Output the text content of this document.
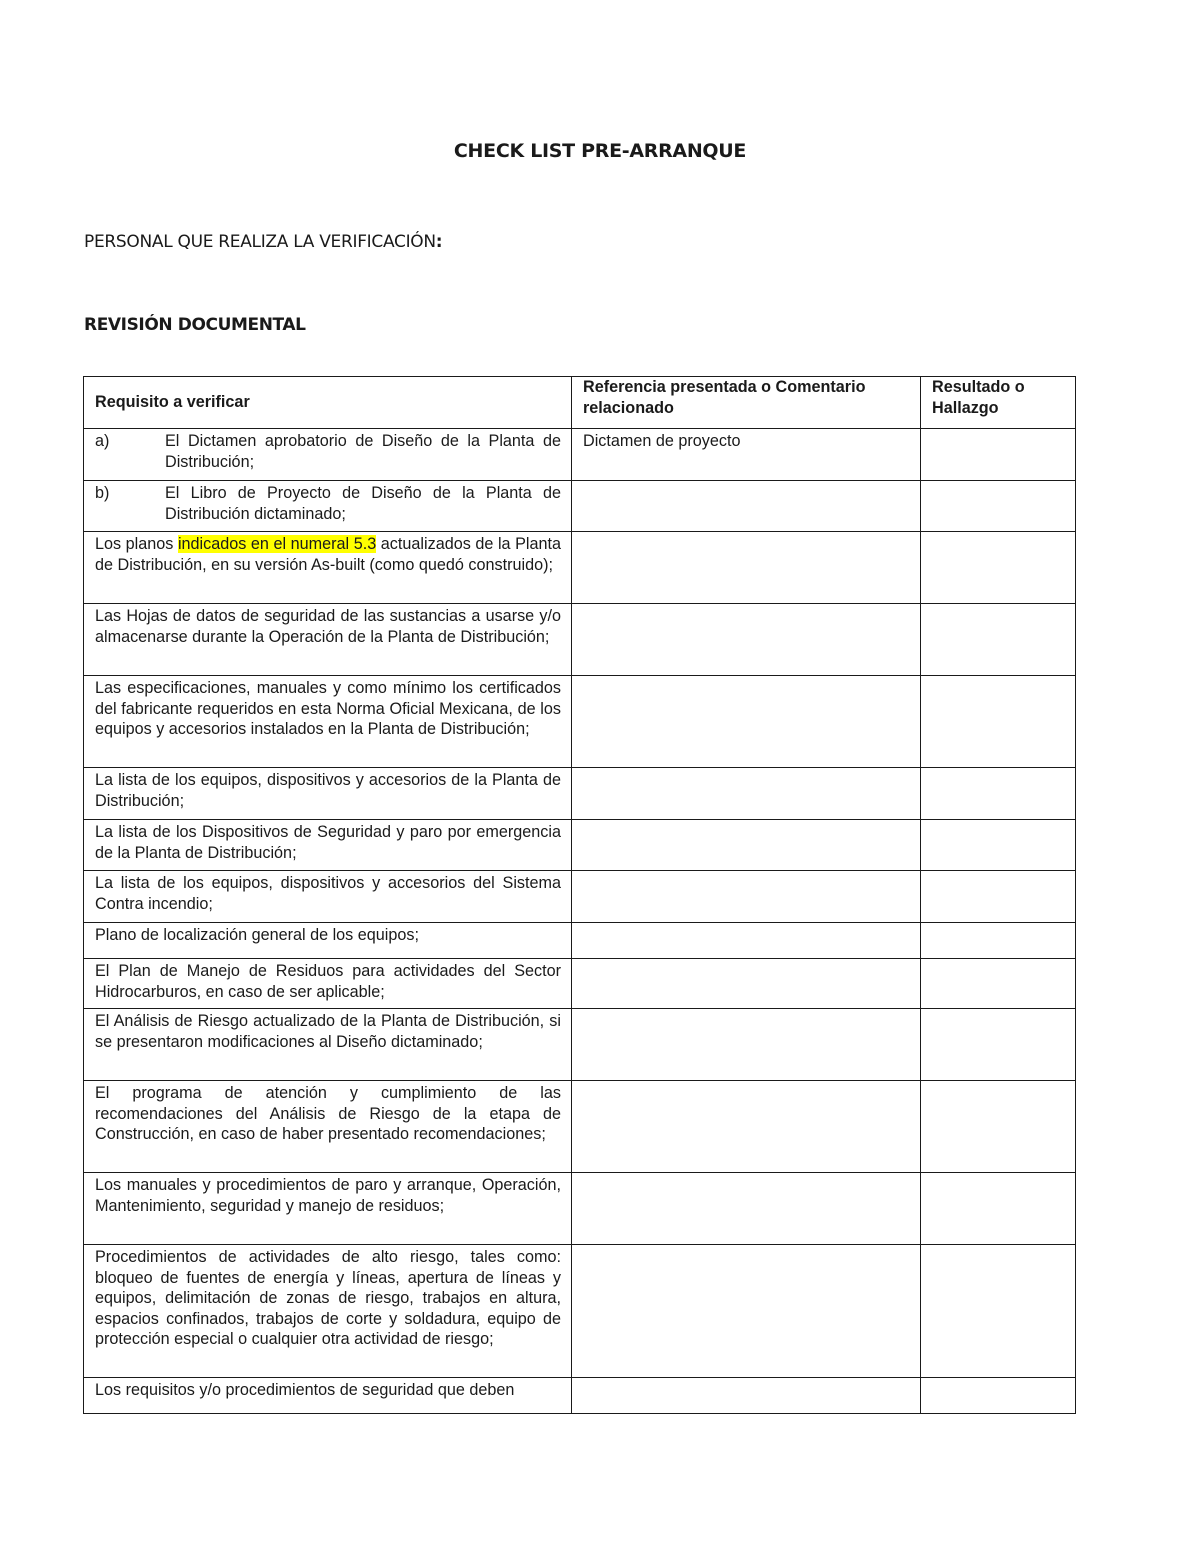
CHECK LIST PRE-ARRANQUE
PERSONAL QUE REALIZA LA VERIFICACIÓN:
REVISIÓN DOCUMENTAL
Requisito a verificar	Referencia presentada o Comentario relacionado	Resultado o Hallazgo

a) El Dictamen aprobatorio de Diseño de la Planta de Distribución;	Dictamen de proyecto	

b) El Libro de Proyecto de Diseño de la Planta de Distribución dictaminado;		

Los planos indicados en el numeral 5.3 actualizados de la Planta de Distribución, en su versión As-built (como quedó construido);		
Las Hojas de datos de seguridad de las sustancias a usarse y/o almacenarse durante la Operación de la Planta de Distribución;		
Las especificaciones, manuales y como mínimo los certificados del fabricante requeridos en esta Norma Oficial Mexicana, de los equipos y accesorios instalados en la Planta de Distribución;		
La lista de los equipos, dispositivos y accesorios de la Planta de Distribución;		
La lista de los Dispositivos de Seguridad y paro por emergencia de la Planta de Distribución;		
La lista de los equipos, dispositivos y accesorios del Sistema Contra incendio;		
Plano de localización general de los equipos;		
El Plan de Manejo de Residuos para actividades del Sector Hidrocarburos, en caso de ser aplicable;		
El Análisis de Riesgo actualizado de la Planta de Distribución, si se presentaron modificaciones al Diseño dictaminado;		
El programa de atención y cumplimiento de las recomendaciones del Análisis de Riesgo de la etapa de Construcción, en caso de haber presentado recomendaciones;		
Los manuales y procedimientos de paro y arranque, Operación, Mantenimiento, seguridad y manejo de residuos;		
Procedimientos de actividades de alto riesgo, tales como: bloqueo de fuentes de energía y líneas, apertura de líneas y equipos, delimitación de zonas de riesgo, trabajos en altura, espacios confinados, trabajos de corte y soldadura, equipo de protección especial o cualquier otra actividad de riesgo;		
Los requisitos y/o procedimientos de seguridad que deben		
